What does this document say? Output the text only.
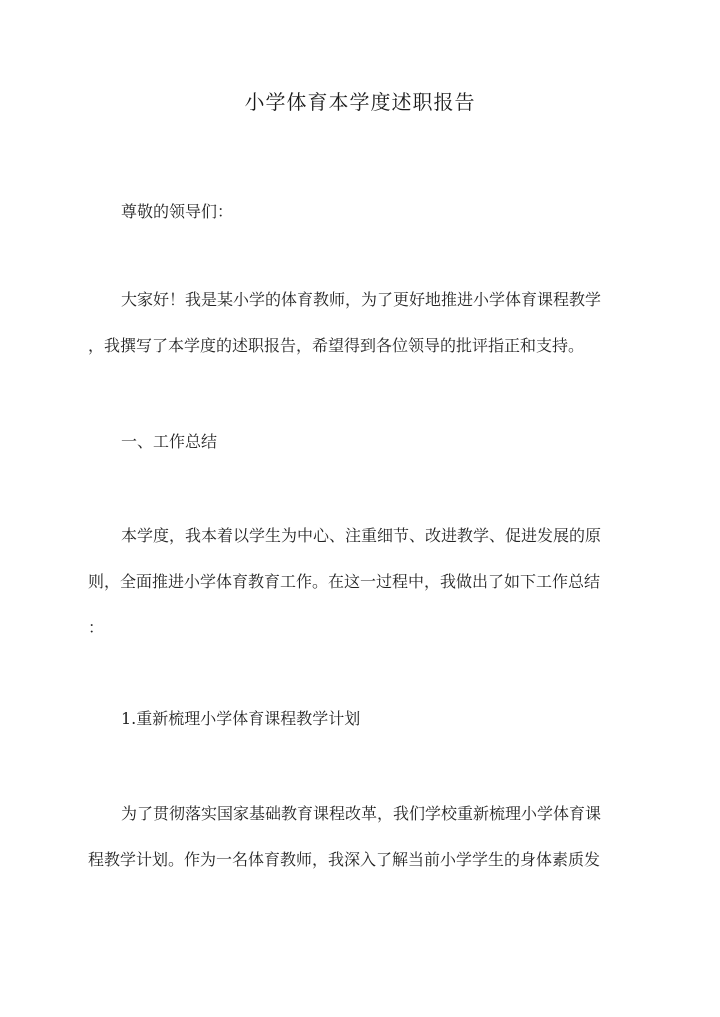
小学体育本学度述职报告
尊敬的领导们：
大家好！我是某小学的体育教师，为了更好地推进小学体育课程教学
，我撰写了本学度的述职报告，希望得到各位领导的批评指正和支持。
一、工作总结
本学度，我本着以学生为中心、注重细节、改进教学、促进发展的原
则，全面推进小学体育教育工作。在这一过程中，我做出了如下工作总结
：
1.重新梳理小学体育课程教学计划
为了贯彻落实国家基础教育课程改革，我们学校重新梳理小学体育课
程教学计划。作为一名体育教师，我深入了解当前小学学生的身体素质发
